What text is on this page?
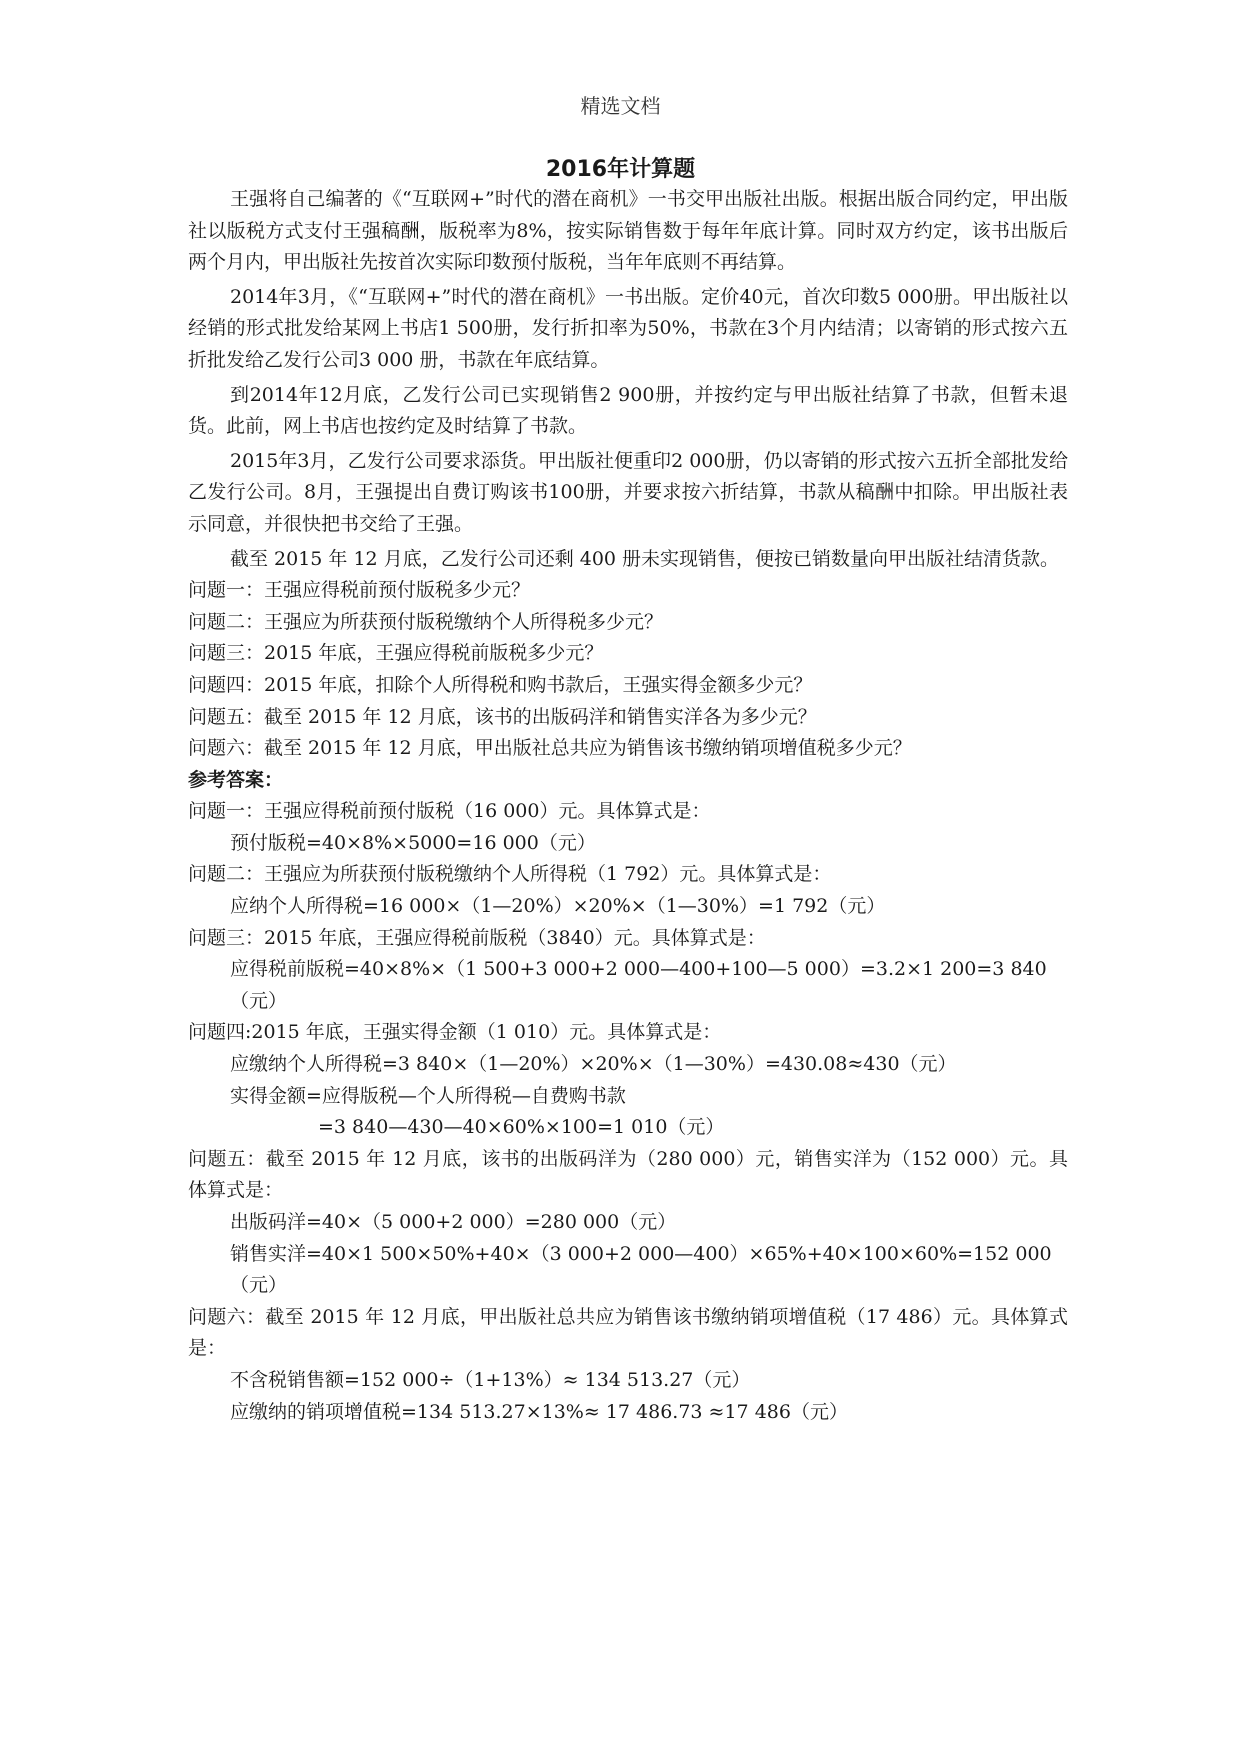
精选文档
2016年计算题

王强将自己编著的《“互联网+”时代的潜在商机》一书交甲出版社出版。根据出版合同约定，甲出版社以版税方式支付王强稿酬，版税率为8%，按实际销售数于每年年底计算。同时双方约定，该书出版后两个月内，甲出版社先按首次实际印数预付版税，当年年底则不再结算。

2014年3月，《“互联网+”时代的潜在商机》一书出版。定价40元，首次印数5 000册。甲出版社以经销的形式批发给某网上书店1 500册，发行折扣率为50%，书款在3个月内结清；以寄销的形式按六五折批发给乙发行公司3 000 册，书款在年底结算。

到2014年12月底，乙发行公司已实现销售2 900册，并按约定与甲出版社结算了书款，但暂未退货。此前，网上书店也按约定及时结算了书款。

2015年3月，乙发行公司要求添货。甲出版社便重印2 000册，仍以寄销的形式按六五折全部批发给乙发行公司。8月，王强提出自费订购该书100册，并要求按六折结算，书款从稿酬中扣除。甲出版社表示同意，并很快把书交给了王强。

截至 2015 年 12 月底，乙发行公司还剩 400 册未实现销售，便按已销数量向甲出版社结清货款。

问题一：王强应得税前预付版税多少元？

问题二：王强应为所获预付版税缴纳个人所得税多少元？

问题三：2015 年底，王强应得税前版税多少元？

问题四：2015 年底，扣除个人所得税和购书款后，王强实得金额多少元？

问题五：截至 2015 年 12 月底，该书的出版码洋和销售实洋各为多少元？

问题六：截至 2015 年 12 月底，甲出版社总共应为销售该书缴纳销项增值税多少元？

参考答案：

问题一：王强应得税前预付版税（16 000）元。具体算式是：

预付版税=40×8%×5000=16 000（元）

问题二：王强应为所获预付版税缴纳个人所得税（1 792）元。具体算式是：

应纳个人所得税=16 000×（1—20%）×20%×（1—30%）=1 792（元）

问题三：2015 年底，王强应得税前版税（3840）元。具体算式是：

应得税前版税=40×8%×（1 500+3 000+2 000—400+100—5 000）=3.2×1 200=3 840（元）

问题四:2015 年底，王强实得金额（1 010）元。具体算式是：

应缴纳个人所得税=3 840×（1—20%）×20%×（1—30%）=430.08≈430（元）

实得金额=应得版税—个人所得税—自费购书款

=3 840—430—40×60%×100=1 010（元）

问题五：截至 2015 年 12 月底，该书的出版码洋为（280 000）元，销售实洋为（152 000）元。具体算式是：

出版码洋=40×（5 000+2 000）=280 000（元）

销售实洋=40×1 500×50%+40×（3 000+2 000—400）×65%+40×100×60%=152 000（元）

问题六：截至 2015 年 12 月底，甲出版社总共应为销售该书缴纳销项增值税（17 486）元。具体算式是：

不含税销售额=152 000÷（1+13%）≈ 134 513.27（元）

应缴纳的销项增值税=134 513.27×13%≈ 17 486.73 ≈17 486（元）
